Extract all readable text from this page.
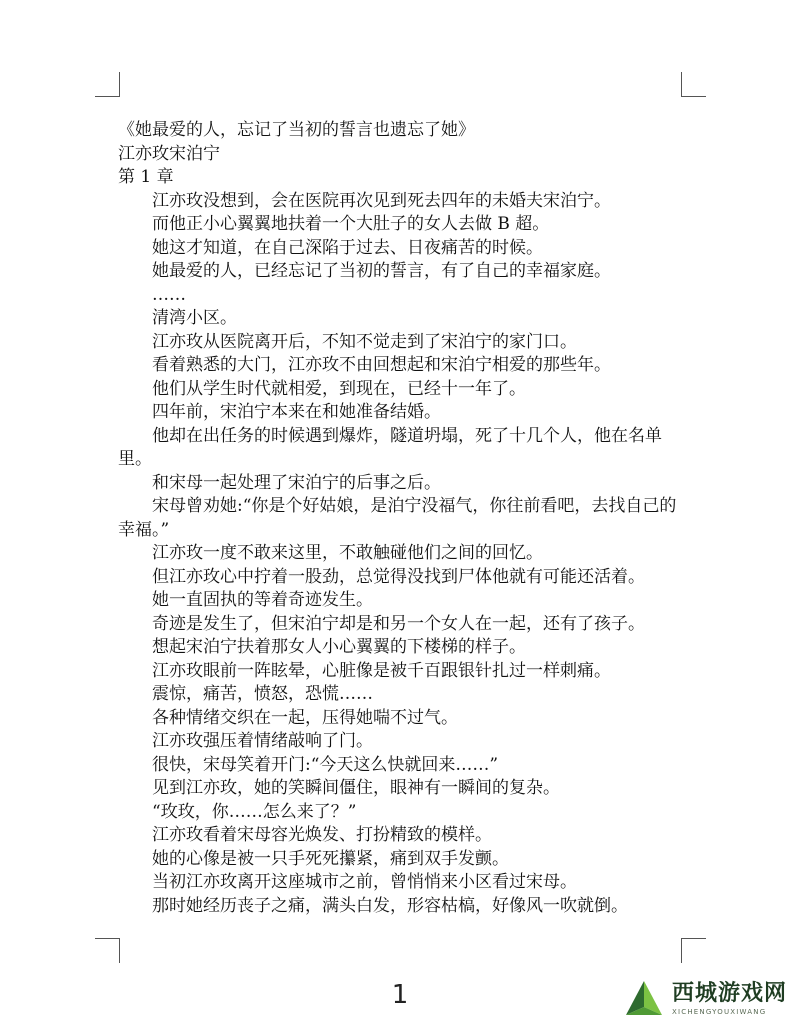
《她最爱的人，忘记了当初的誓言也遗忘了她》

江亦玫宋泊宁

第 1 章

江亦玫没想到，会在医院再次见到死去四年的未婚夫宋泊宁。

而他正小心翼翼地扶着一个大肚子的女人去做 B 超。

她这才知道，在自己深陷于过去、日夜痛苦的时候。

她最爱的人，已经忘记了当初的誓言，有了自己的幸福家庭。

……

清湾小区。

江亦玫从医院离开后，不知不觉走到了宋泊宁的家门口。

看着熟悉的大门，江亦玫不由回想起和宋泊宁相爱的那些年。

他们从学生时代就相爱，到现在，已经十一年了。

四年前，宋泊宁本来在和她准备结婚。

他却在出任务的时候遇到爆炸，隧道坍塌，死了十几个人，他在名单里。

和宋母一起处理了宋泊宁的后事之后。

宋母曾劝她:“你是个好姑娘，是泊宁没福气，你往前看吧，去找自己的幸福。”

江亦玫一度不敢来这里，不敢触碰他们之间的回忆。

但江亦玫心中拧着一股劲，总觉得没找到尸体他就有可能还活着。

她一直固执的等着奇迹发生。

奇迹是发生了，但宋泊宁却是和另一个女人在一起，还有了孩子。

想起宋泊宁扶着那女人小心翼翼的下楼梯的样子。

江亦玫眼前一阵眩晕，心脏像是被千百跟银针扎过一样刺痛。

震惊，痛苦，愤怒，恐慌……

各种情绪交织在一起，压得她喘不过气。

江亦玫强压着情绪敲响了门。

很快，宋母笑着开门:“今天这么快就回来……”

见到江亦玫，她的笑瞬间僵住，眼神有一瞬间的复杂。

“玫玫，你……怎么来了？”

江亦玫看着宋母容光焕发、打扮精致的模样。

她的心像是被一只手死死攥紧，痛到双手发颤。

当初江亦玫离开这座城市之前，曾悄悄来小区看过宋母。

那时她经历丧子之痛，满头白发，形容枯槁，好像风一吹就倒。

1	西城游戏网
XICHENGYOUXIWANG
